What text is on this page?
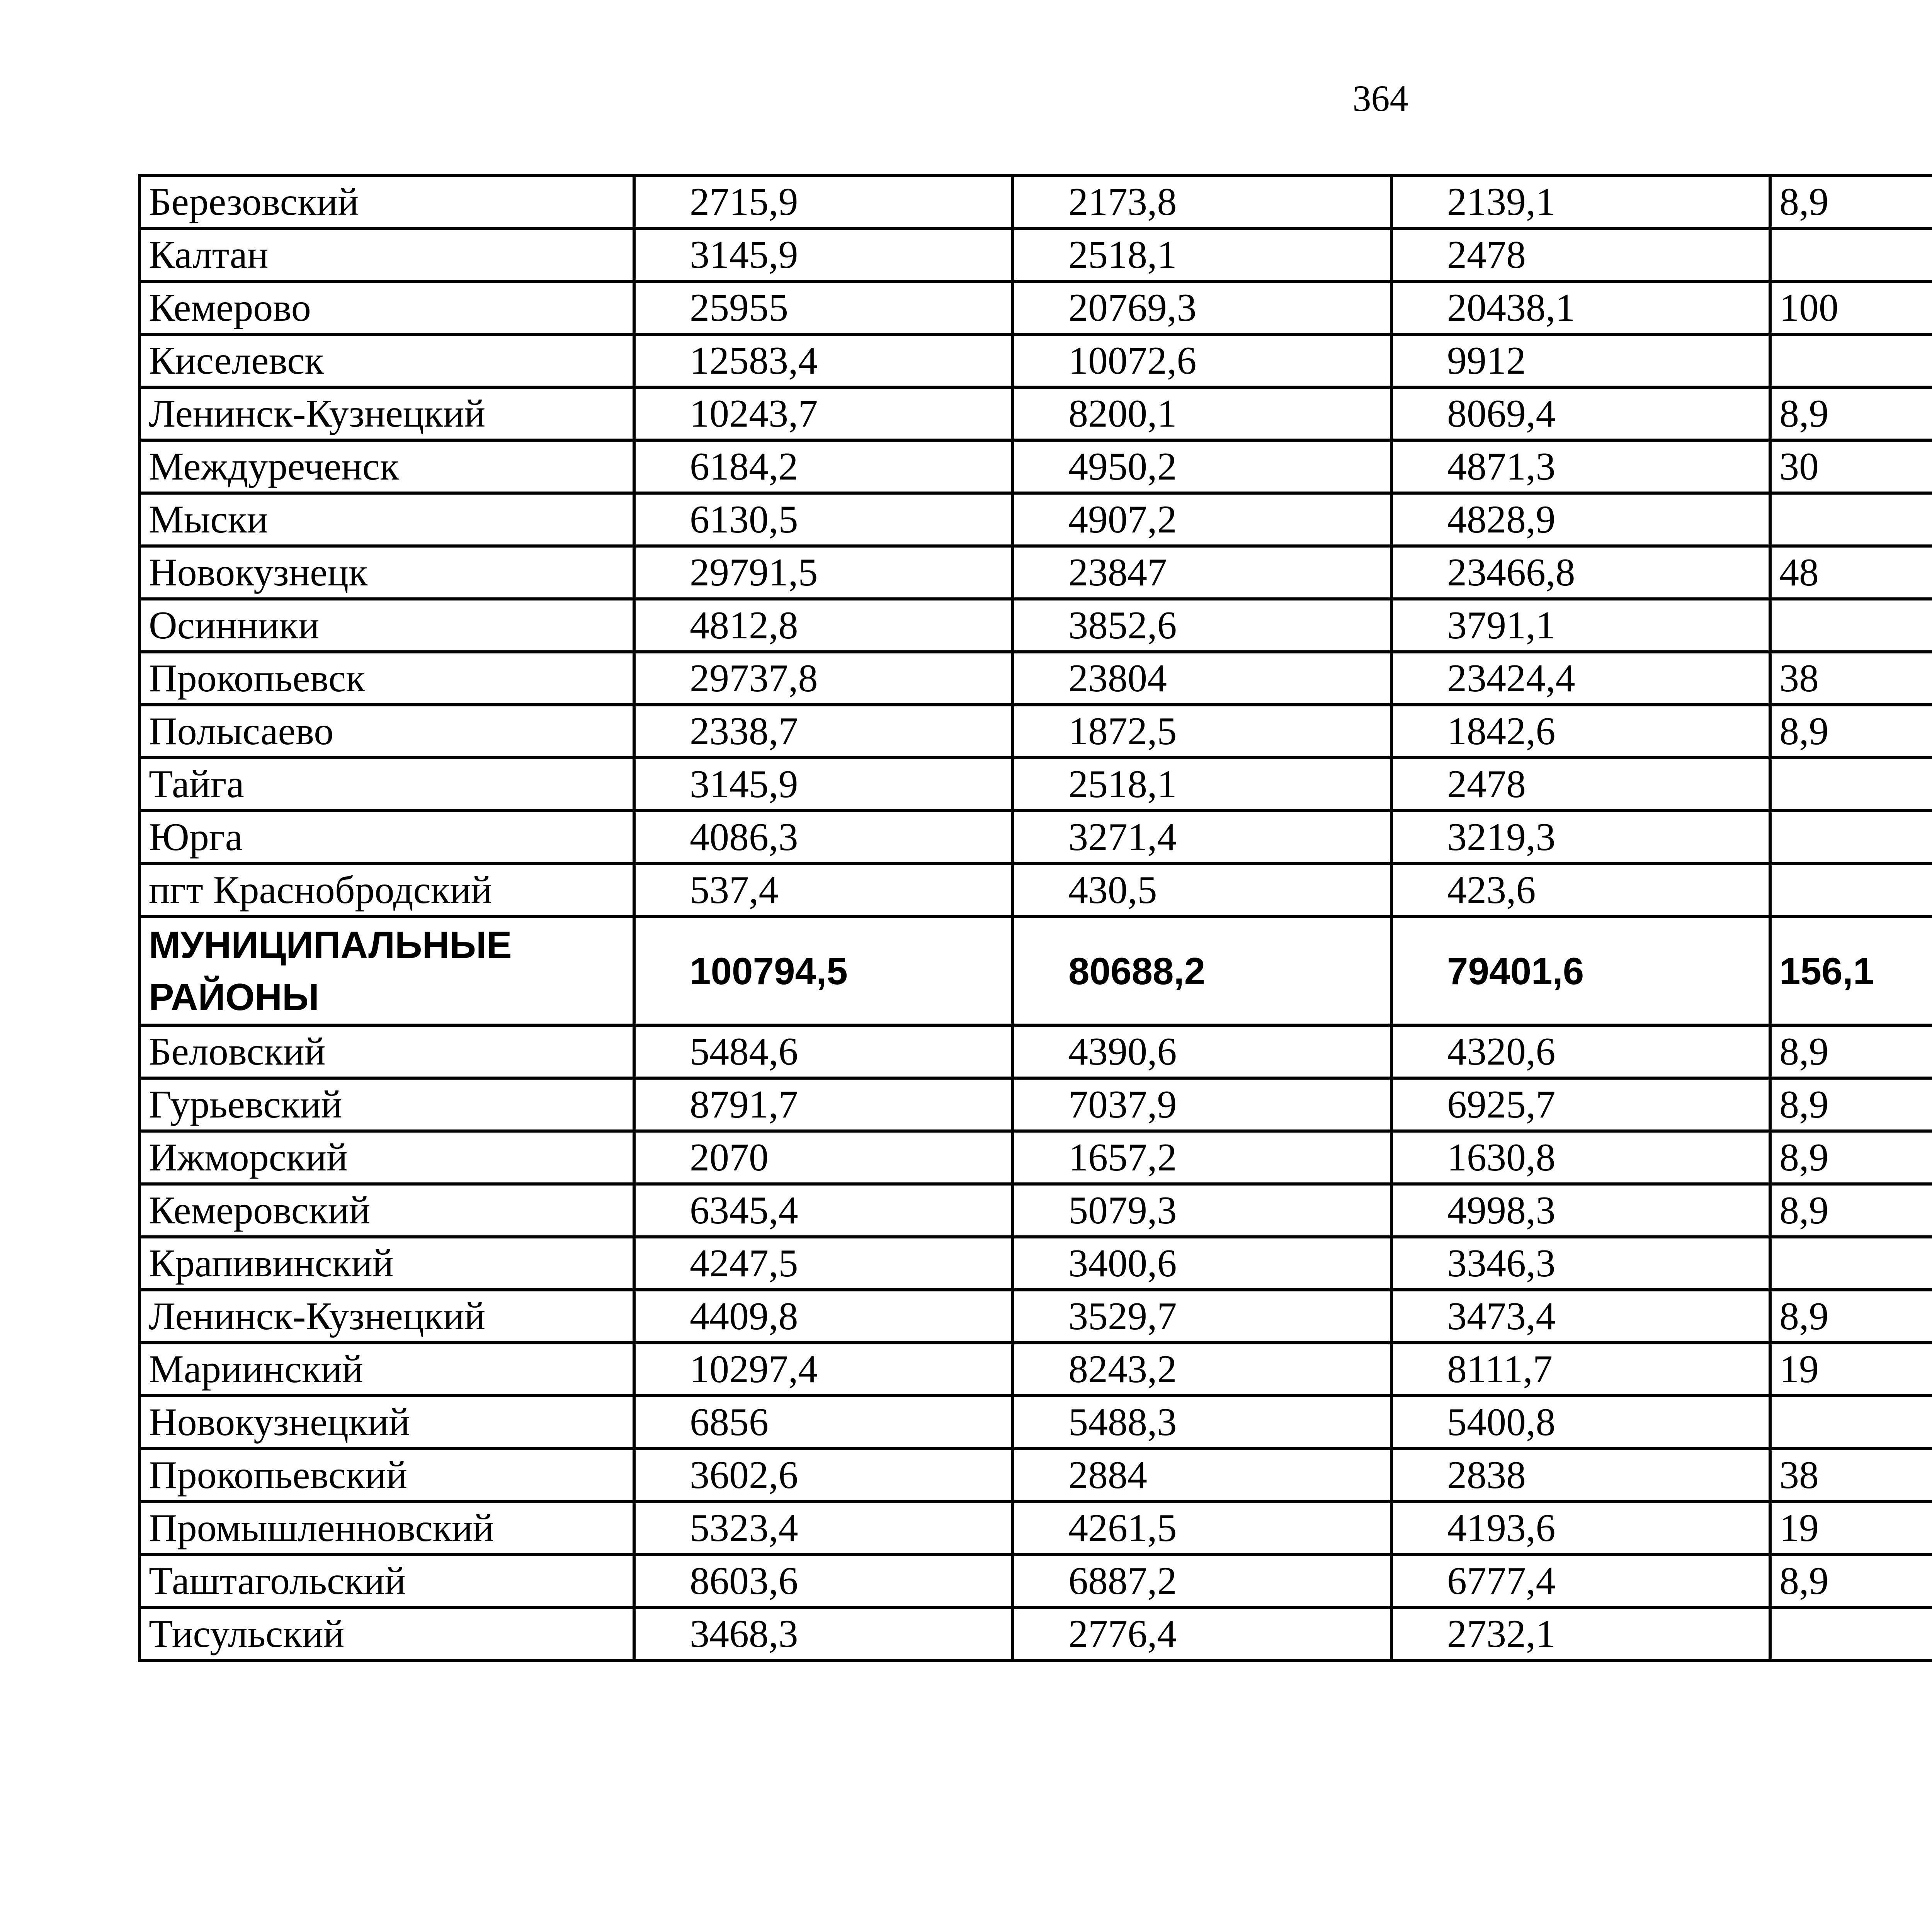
364
Березовский	2715,9	2173,8	2139,1	8,9		
Калтан	3145,9	2518,1	2478			
Кемерово	25955	20769,3	20438,1	100		
Киселевск	12583,4	10072,6	9912			
Ленинск-Кузнецкий	10243,7	8200,1	8069,4	8,9		
Междуреченск	6184,2	4950,2	4871,3	30		
Мыски	6130,5	4907,2	4828,9			
Новокузнецк	29791,5	23847	23466,8	48		
Осинники	4812,8	3852,6	3791,1			
Прокопьевск	29737,8	23804	23424,4	38		
Полысаево	2338,7	1872,5	1842,6	8,9		
Тайга	3145,9	2518,1	2478			
Юрга	4086,3	3271,4	3219,3			
пгт Краснобродский	537,4	430,5	423,6			
МУНИЦИПАЛЬНЫЕ РАЙОНЫ	100794,5	80688,2	79401,6	156,1		
Беловский	5484,6	4390,6	4320,6	8,9		
Гурьевский	8791,7	7037,9	6925,7	8,9		
Ижморский	2070	1657,2	1630,8	8,9		
Кемеровский	6345,4	5079,3	4998,3	8,9		
Крапивинский	4247,5	3400,6	3346,3			
Ленинск-Кузнецкий	4409,8	3529,7	3473,4	8,9		
Мариинский	10297,4	8243,2	8111,7	19		
Новокузнецкий	6856	5488,3	5400,8			
Прокопьевский	3602,6	2884	2838	38		
Промышленновский	5323,4	4261,5	4193,6	19		
Таштагольский	8603,6	6887,2	6777,4	8,9		
Тисульский	3468,3	2776,4	2732,1			
